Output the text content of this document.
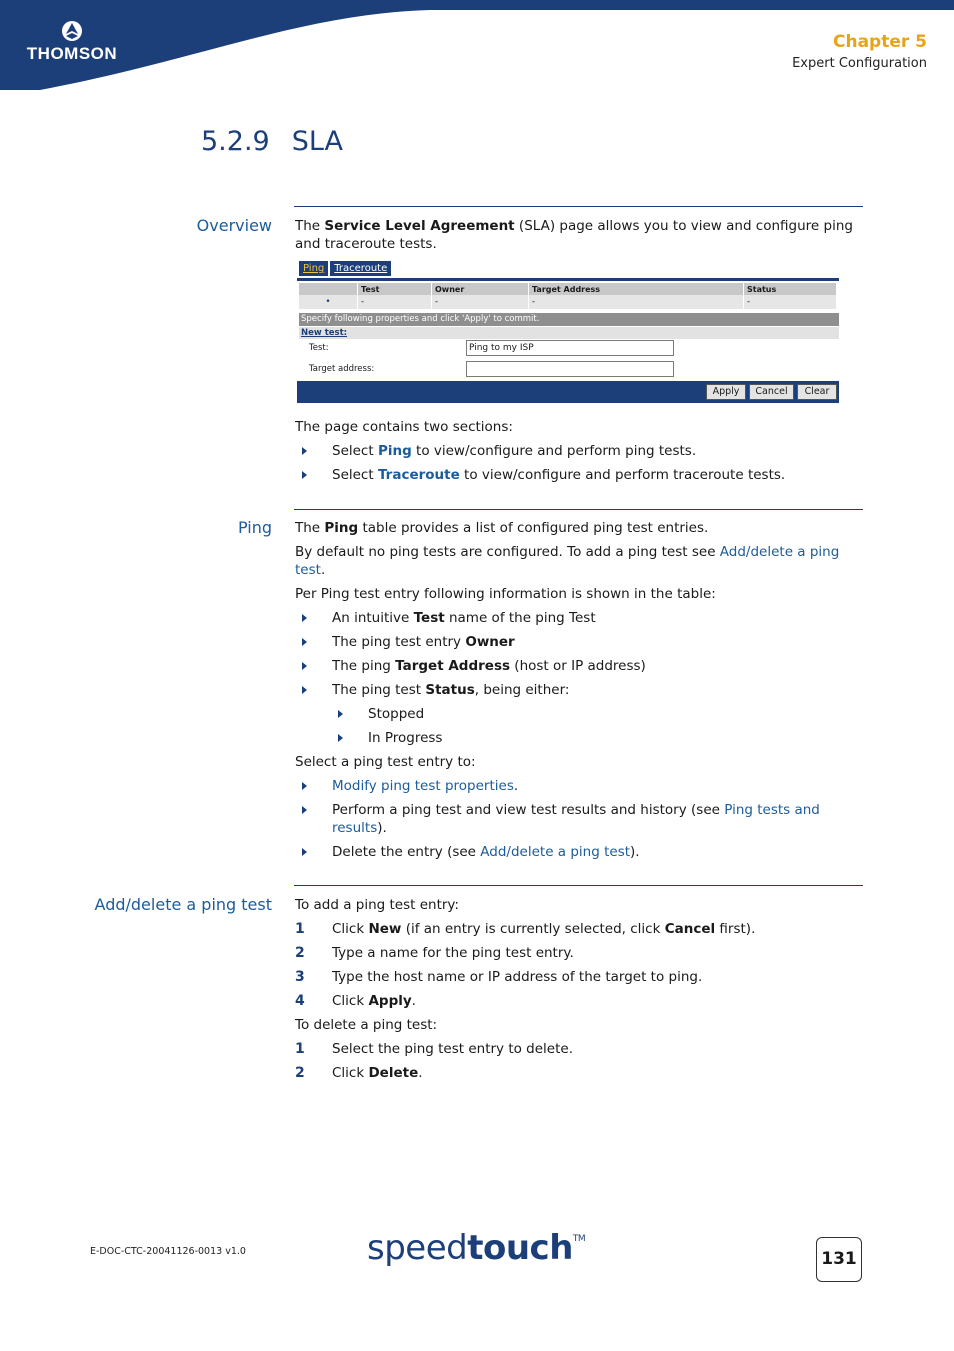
THOMSON
Chapter 5
Expert Configuration
5.2.9 SLA
Overview The Service Level Agreement (SLA) page allows you to view and configure ping and traceroute tests.

Ping Traceroute
	Test	Owner	Target Address	Status
•	-	-	-	-
Specify following properties and click 'Apply' to commit.
New test:
Test:	Ping to my ISP
Target address:
Apply	Cancel	Clear

The page contains two sections:

Select Ping to view/configure and perform ping tests.

Select Traceroute to view/configure and perform traceroute tests.

Ping The Ping table provides a list of configured ping test entries.

By default no ping tests are configured. To add a ping test see Add/delete a ping
test.

Per Ping test entry following information is shown in the table:

An intuitive Test name of the ping Test

The ping test entry Owner

The ping Target Address (host or IP address)

The ping test Status, being either:

Stopped

In Progress

Select a ping test entry to:

Modify ping test properties.

Perform a ping test and view test results and history (see Ping tests and
results).

Delete the entry (see Add/delete a ping test).

Add/delete a ping test To add a ping test entry:

1 Click New (if an entry is currently selected, click Cancel first).

2 Type a name for the ping test entry.

3 Type the host name or IP address of the target to ping.

4 Click Apply.

To delete a ping test:

1 Select the ping test entry to delete.

2 Click Delete.

E-DOC-CTC-20041126-0013 v1.0	speedtouch™
131
